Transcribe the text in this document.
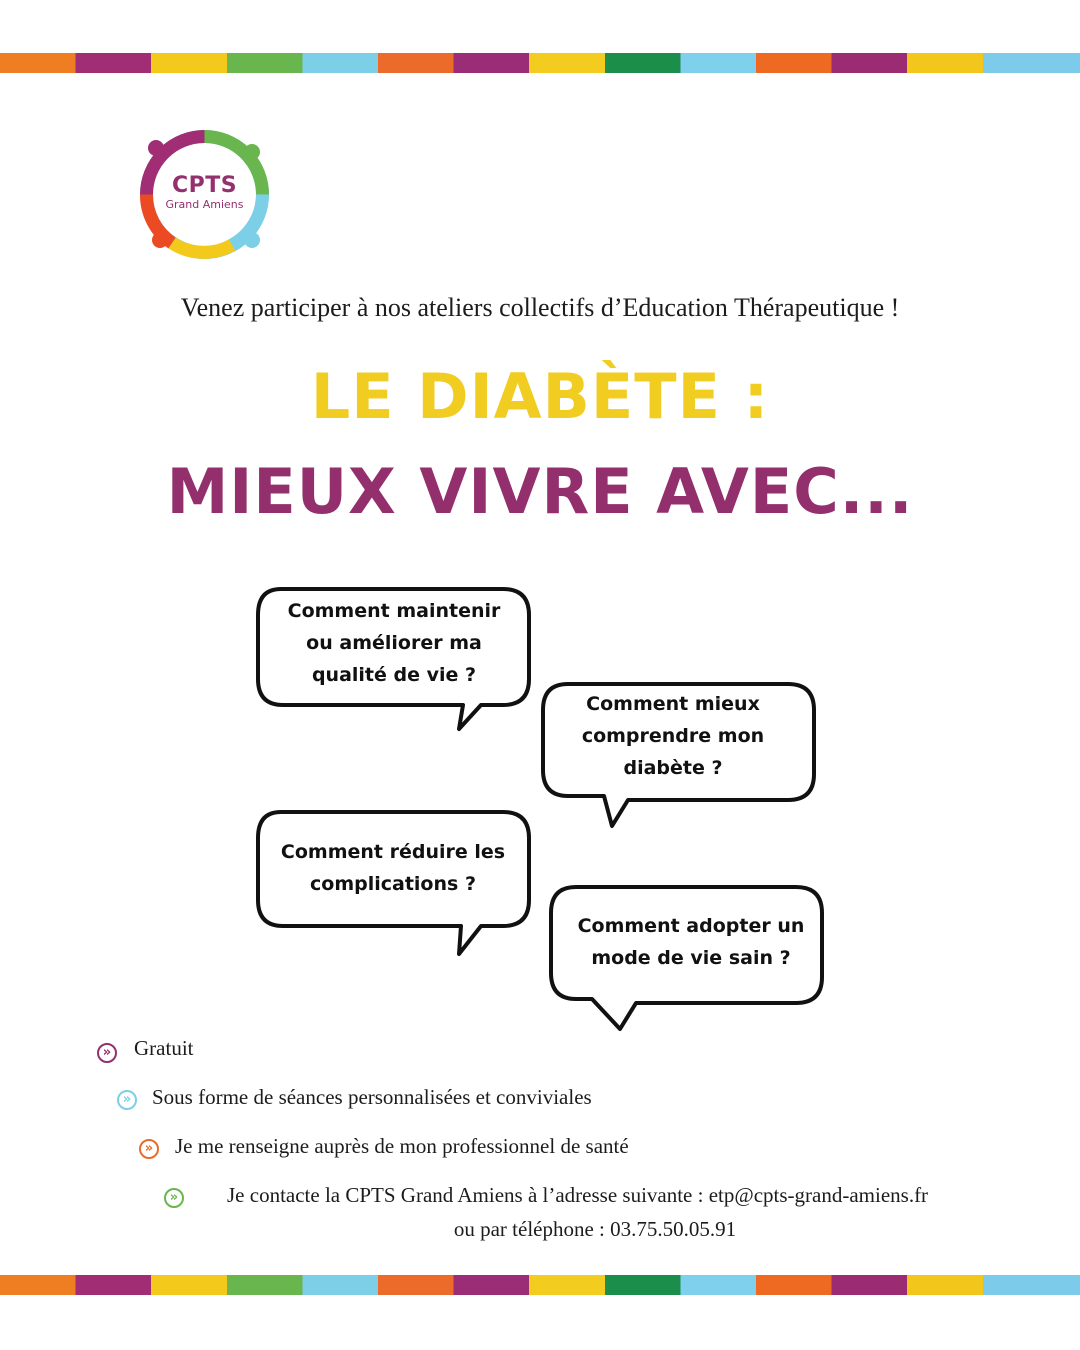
CPTS
Grand Amiens
Venez participer à nos ateliers collectifs d’Education Thérapeutique !
LE DIABÈTE :
MIEUX VIVRE AVEC...
Comment maintenir
ou améliorer ma
qualité de vie ?
Comment mieux
comprendre mon
diabète ?
Comment réduire les
complications ?
Comment adopter un
mode de vie sain ?
» Gratuit
» Sous forme de séances personnalisées et conviviales
» Je me renseigne auprès de mon professionnel de santé
» Je contacte la CPTS Grand Amiens à l’adresse suivante : etp@cpts-grand-amiens.fr
ou par téléphone : 03.75.50.05.91
